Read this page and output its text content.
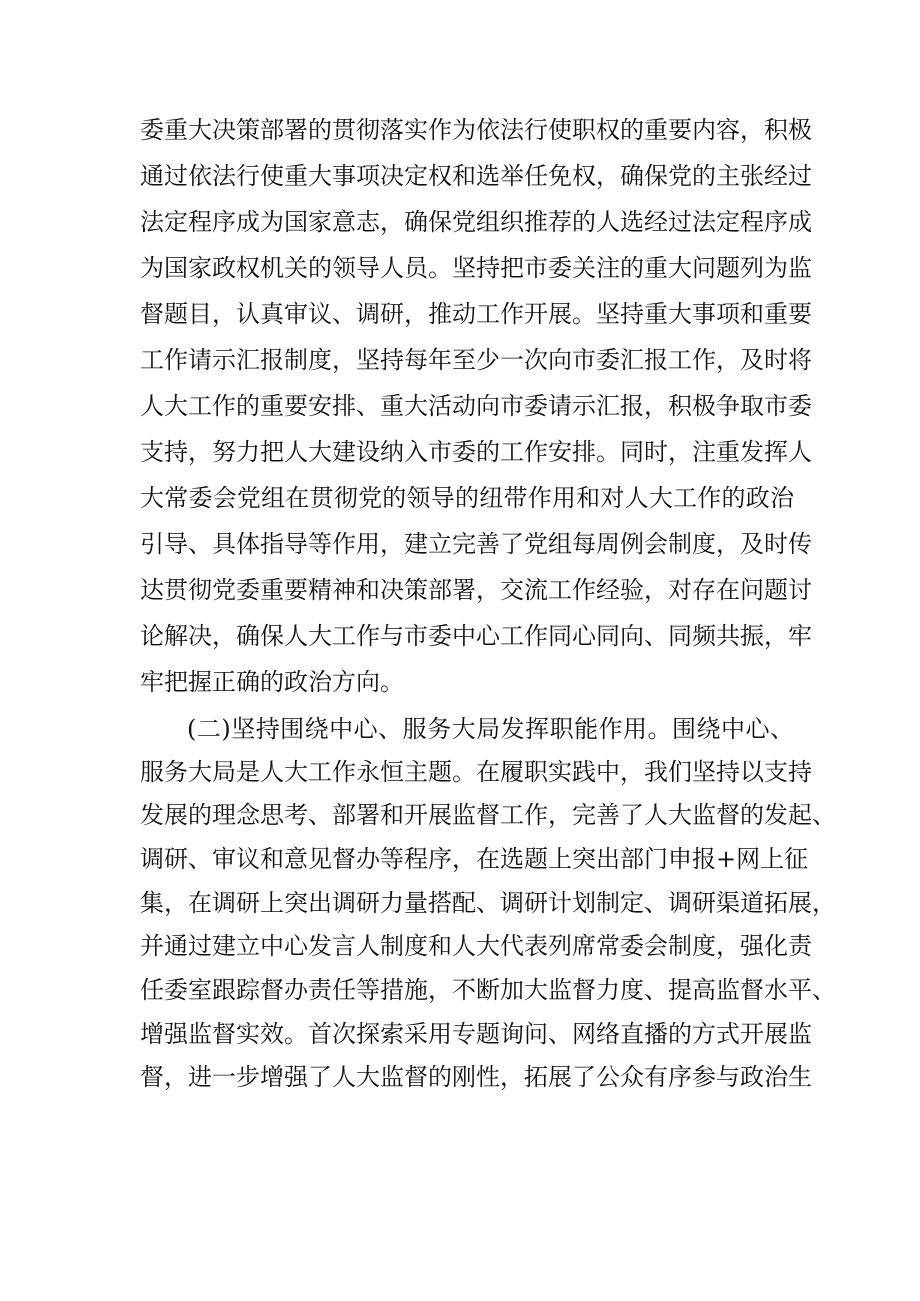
委重大决策部署的贯彻落实作为依法行使职权的重要内容，积极
通过依法行使重大事项决定权和选举任免权，确保党的主张经过
法定程序成为国家意志，确保党组织推荐的人选经过法定程序成
为国家政权机关的领导人员。坚持把市委关注的重大问题列为监
督题目，认真审议、调研，推动工作开展。坚持重大事项和重要
工作请示汇报制度，坚持每年至少一次向市委汇报工作，及时将
人大工作的重要安排、重大活动向市委请示汇报，积极争取市委
支持，努力把人大建设纳入市委的工作安排。同时，注重发挥人
大常委会党组在贯彻党的领导的纽带作用和对人大工作的政治
引导、具体指导等作用，建立完善了党组每周例会制度，及时传
达贯彻党委重要精神和决策部署，交流工作经验，对存在问题讨
论解决，确保人大工作与市委中心工作同心同向、同频共振，牢
牢把握正确的政治方向。
(二)坚持围绕中心、服务大局发挥职能作用。围绕中心、
服务大局是人大工作永恒主题。在履职实践中，我们坚持以支持
发展的理念思考、部署和开展监督工作，完善了人大监督的发起、
调研、审议和意见督办等程序，在选题上突出部门申报+网上征
集，在调研上突出调研力量搭配、调研计划制定、调研渠道拓展，
并通过建立中心发言人制度和人大代表列席常委会制度，强化责
任委室跟踪督办责任等措施，不断加大监督力度、提高监督水平、
增强监督实效。首次探索采用专题询问、网络直播的方式开展监
督，进一步增强了人大监督的刚性，拓展了公众有序参与政治生
